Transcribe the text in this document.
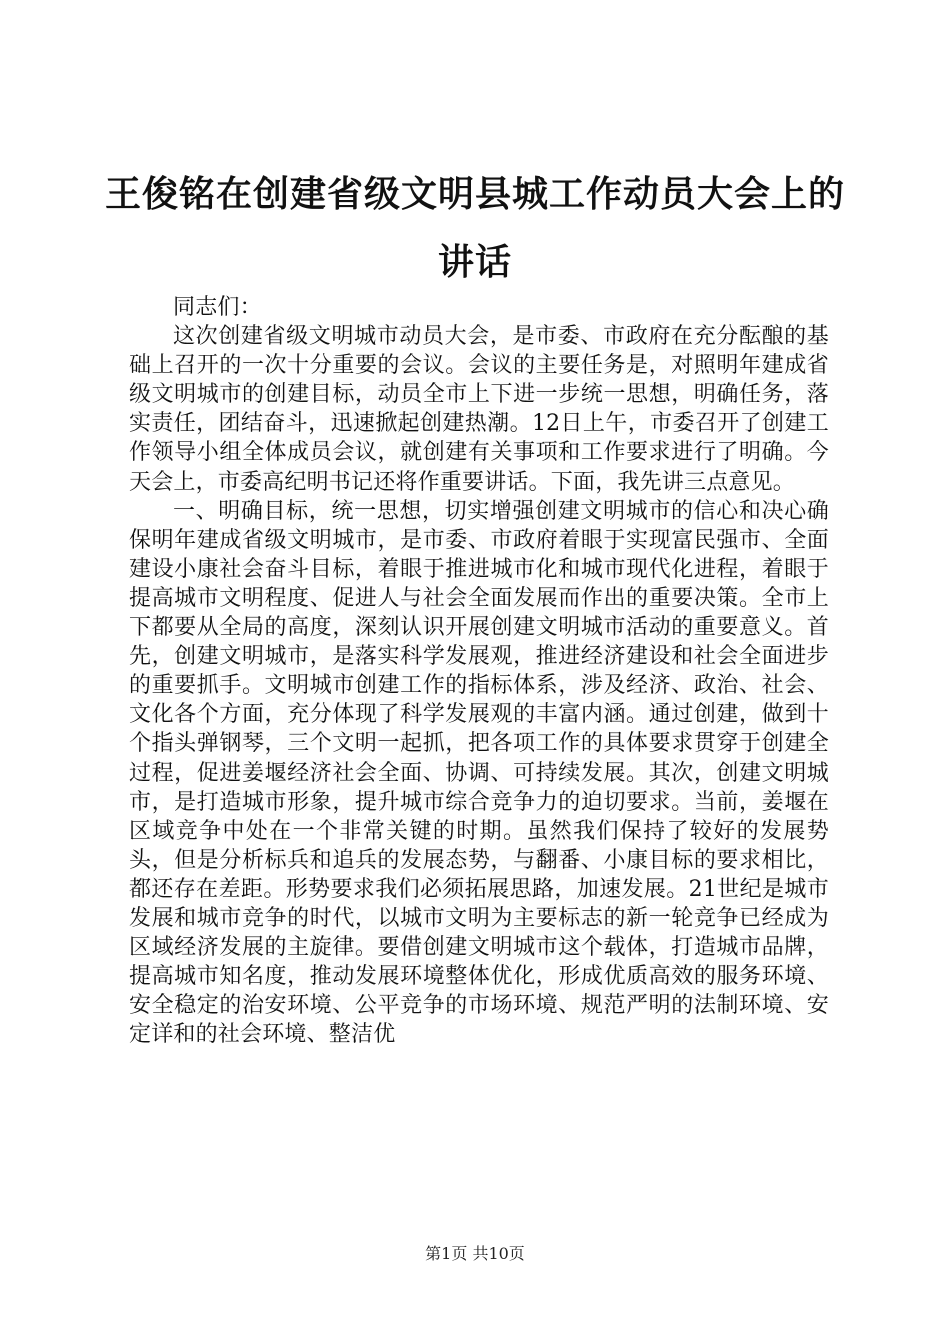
王俊铭在创建省级文明县城工作动员大会上的
讲话

同志们：

这次创建省级文明城市动员大会，是市委、市政府在充分酝酿的基础上召开的一次十分重要的会议。会议的主要任务是，对照明年建成省级文明城市的创建目标，动员全市上下进一步统一思想，明确任务，落实责任，团结奋斗，迅速掀起创建热潮。12日上午，市委召开了创建工作领导小组全体成员会议，就创建有关事项和工作要求进行了明确。今天会上，市委高纪明书记还将作重要讲话。下面，我先讲三点意见。

一、明确目标，统一思想，切实增强创建文明城市的信心和决心确保明年建成省级文明城市，是市委、市政府着眼于实现富民强市、全面建设小康社会奋斗目标，着眼于推进城市化和城市现代化进程，着眼于提高城市文明程度、促进人与社会全面发展而作出的重要决策。全市上下都要从全局的高度，深刻认识开展创建文明城市活动的重要意义。首先，创建文明城市，是落实科学发展观，推进经济建设和社会全面进步的重要抓手。文明城市创建工作的指标体系，涉及经济、政治、社会、文化各个方面，充分体现了科学发展观的丰富内涵。通过创建，做到十个指头弹钢琴，三个文明一起抓，把各项工作的具体要求贯穿于创建全过程，促进姜堰经济社会全面、协调、可持续发展。其次，创建文明城市，是打造城市形象，提升城市综合竞争力的迫切要求。当前，姜堰在区域竞争中处在一个非常关键的时期。虽然我们保持了较好的发展势头，但是分析标兵和追兵的发展态势，与翻番、小康目标的要求相比，都还存在差距。形势要求我们必须拓展思路，加速发展。21世纪是城市发展和城市竞争的时代，以城市文明为主要标志的新一轮竞争已经成为区域经济发展的主旋律。要借创建文明城市这个载体，打造城市品牌，提高城市知名度，推动发展环境整体优化，形成优质高效的服务环境、安全稳定的治安环境、公平竞争的市场环境、规范严明的法制环境、安定详和的社会环境、整洁优

第1页 共10页
